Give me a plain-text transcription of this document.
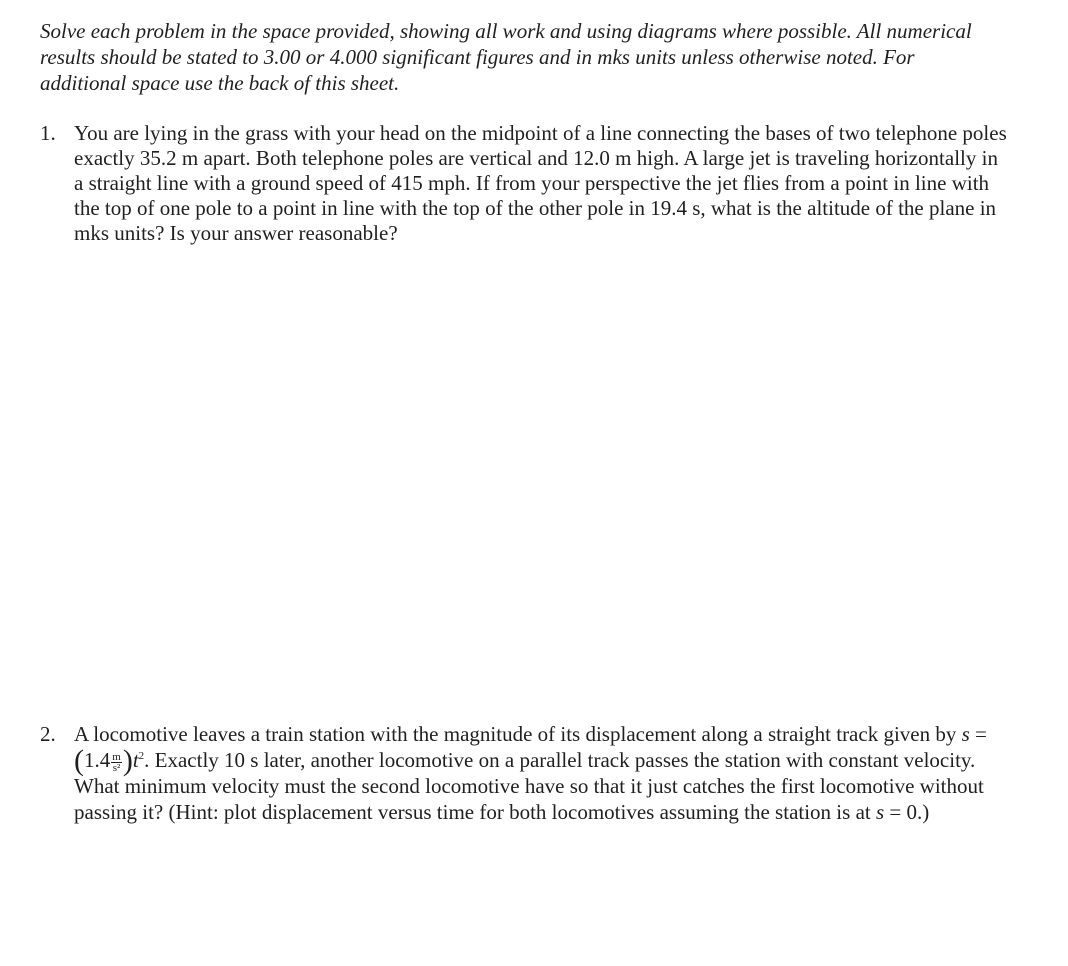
Solve each problem in the space provided, showing all work and using diagrams where possible. All numerical results should be stated to 3.00 or 4.000 significant figures and in mks units unless otherwise noted. For additional space use the back of this sheet.
1. You are lying in the grass with your head on the midpoint of a line connecting the bases of two telephone poles exactly 35.2 m apart. Both telephone poles are vertical and 12.0 m high. A large jet is traveling horizontally in a straight line with a ground speed of 415 mph. If from your perspective the jet flies from a point in line with the top of one pole to a point in line with the top of the other pole in 19.4 s, what is the altitude of the plane in mks units? Is your answer reasonable?
2. A locomotive leaves a train station with the magnitude of its displacement along a straight track given by $s =(1.4 \frac{m}{\text{s²}} )t^2$. Exactly 10 s later, another locomotive on a parallel track passes the station with constant velocity. What minimum velocity must the second locomotive have so that it just catches the first locomotive without passing it? (Hint: plot displacement versus time for both locomotives assuming the station is at s = 0.)
